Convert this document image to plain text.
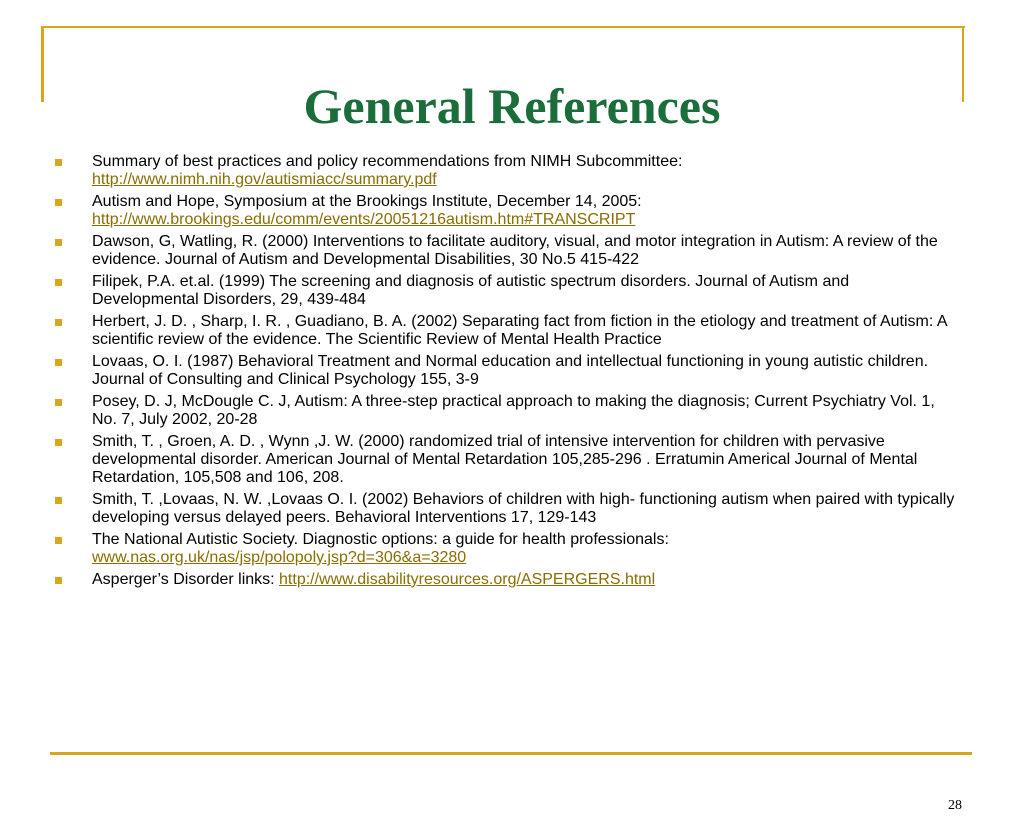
General References
Summary of best practices and policy recommendations from NIMH Subcommittee:
http://www.nimh.nih.gov/autismiacc/summary.pdf
Autism and Hope, Symposium at the Brookings Institute, December 14, 2005:
http://www.brookings.edu/comm/events/20051216autism.htm#TRANSCRIPT
Dawson, G, Watling, R. (2000) Interventions to facilitate auditory, visual, and motor integration in Autism: A review of the evidence. Journal of Autism and Developmental Disabilities, 30 No.5 415-422
Filipek, P.A. et.al. (1999) The screening and diagnosis of autistic spectrum disorders. Journal of Autism and Developmental Disorders, 29, 439-484
Herbert, J. D. , Sharp, I. R. , Guadiano, B. A. (2002) Separating fact from fiction in the etiology and treatment of Autism: A scientific review of the evidence. The Scientific Review of Mental Health Practice
Lovaas, O. I. (1987) Behavioral Treatment and Normal education and intellectual functioning in young autistic children. Journal of Consulting and Clinical Psychology 155, 3-9
Posey, D. J, McDougle C. J, Autism: A three-step practical approach to making the diagnosis; Current Psychiatry Vol. 1, No. 7, July 2002, 20-28
Smith, T. , Groen, A. D. , Wynn ,J. W. (2000) randomized trial of intensive intervention for children with pervasive developmental disorder. American Journal of Mental Retardation 105,285-296 . Erratumin Americal Journal of Mental Retardation, 105,508 and 106, 208.
Smith, T. ,Lovaas, N. W. ,Lovaas O. I. (2002) Behaviors of children with high- functioning autism when paired with typically developing versus delayed peers. Behavioral Interventions 17, 129-143
The National Autistic Society. Diagnostic options: a guide for health professionals:
www.nas.org.uk/nas/jsp/polopoly.jsp?d=306&a=3280
Asperger’s Disorder links: http://www.disabilityresources.org/ASPERGERS.html
28
